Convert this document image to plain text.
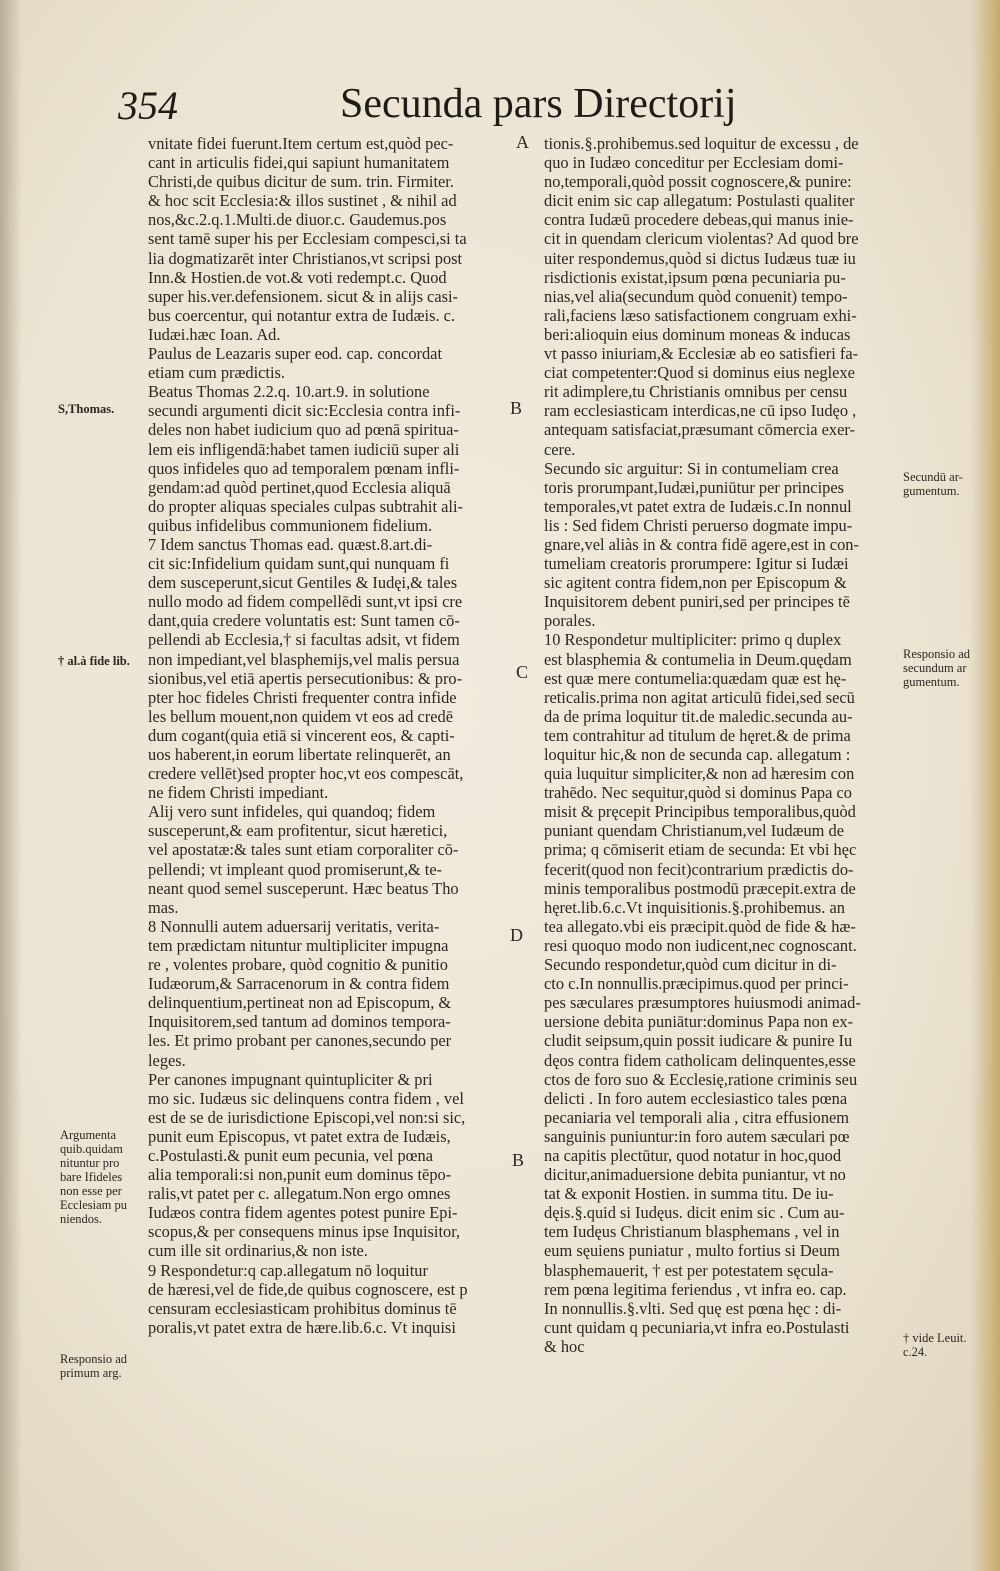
354	Secunda pars Directorij
vnitate fidei fuerunt.Item certum est,quòd pec-
cant in articulis fidei,qui sapiunt humanitatem
Christi,de quibus dicitur de sum. trin. Firmiter.
& hoc scit Ecclesia:& illos sustinet , & nihil ad
nos,&c.2.q.1.Multi.de diuor.c. Gaudemus.pos
sent tamē super his per Ecclesiam compesci,si ta
lia dogmatizarēt inter Christianos,vt scripsi post
Inn.& Hostien.de vot.& voti redempt.c. Quod
super his.ver.defensionem. sicut & in alijs casi-
bus coercentur, qui notantur extra de Iudæis. c.
Iudæi.hæc Ioan. Ad.
Paulus de Leazaris super eod. cap. concordat
etiam cum prædictis.
Beatus Thomas 2.2.q. 10.art.9. in solutione
secundi argumenti dicit sic:Ecclesia contra infi-
deles non habet iudicium quo ad pœnā spiritua-
lem eis infligendā:habet tamen iudiciū super ali
quos infideles quo ad temporalem pœnam infli-
gendam:ad quòd pertinet,quod Ecclesia aliquā
do propter aliquas speciales culpas subtrahit ali-
quibus infidelibus communionem fidelium.
7 Idem sanctus Thomas ead. quæst.8.art.di-
cit sic:Infidelium quidam sunt,qui nunquam fi
dem susceperunt,sicut Gentiles & Iudęi,& tales
nullo modo ad fidem compellēdi sunt,vt ipsi cre
dant,quia credere voluntatis est: Sunt tamen cō-
pellendi ab Ecclesia,† si facultas adsit, vt fidem
non impediant,vel blasphemijs,vel malis persua
sionibus,vel etiā apertis persecutionibus: & pro-
pter hoc fideles Christi frequenter contra infide
les bellum mouent,non quidem vt eos ad credē
dum cogant(quia etiā si vincerent eos, & capti-
uos haberent,in eorum libertate relinquerēt, an
credere vellēt)sed propter hoc,vt eos compescāt,
ne fidem Christi impediant.
Alij vero sunt infideles, qui quandoq; fidem
susceperunt,& eam profitentur, sicut hæretici,
vel apostatæ:& tales sunt etiam corporaliter cō-
pellendi; vt impleant quod promiserunt,& te-
neant quod semel susceperunt. Hæc beatus Tho
mas.
8 Nonnulli autem aduersarij veritatis, verita-
tem prædictam nituntur multipliciter impugna
re , volentes probare, quòd cognitio & punitio
Iudæorum,& Sarracenorum in & contra fidem
delinquentium,pertineat non ad Episcopum, &
Inquisitorem,sed tantum ad dominos tempora-
les. Et primo probant per canones,secundo per
leges.
Per canones impugnant quintupliciter & pri
mo sic. Iudæus sic delinquens contra fidem , vel
est de se de iurisdictione Episcopi,vel non:si sic,
punit eum Episcopus, vt patet extra de Iudæis,
c.Postulasti.& punit eum pecunia, vel pœna
alia temporali:si non,punit eum dominus tēpo-
ralis,vt patet per c. allegatum.Non ergo omnes
Iudæos contra fidem agentes potest punire Epi-
scopus,& per consequens minus ipse Inquisitor,
cum ille sit ordinarius,& non iste.
9 Respondetur:q cap.allegatum nō loquitur
de hæresi,vel de fide,de quibus cognoscere, est p
censuram ecclesiasticam prohibitus dominus tē
poralis,vt patet extra de hære.lib.6.c. Vt inquisi
tionis.§.prohibemus.sed loquitur de excessu , de
quo in Iudæo conceditur per Ecclesiam domi-
no,temporali,quòd possit cognoscere,& punire:
dicit enim sic cap allegatum: Postulasti qualiter
contra Iudæū procedere debeas,qui manus inie-
cit in quendam clericum violentas? Ad quod bre
uiter respondemus,quòd si dictus Iudæus tuæ iu
risdictionis existat,ipsum pœna pecuniaria pu-
nias,vel alia(secundum quòd conuenit) tempo-
rali,faciens læso satisfactionem congruam exhi-
beri:alioquin eius dominum moneas & inducas
vt passo iniuriam,& Ecclesiæ ab eo satisfieri fa-
ciat competenter:Quod si dominus eius neglexe
rit adimplere,tu Christianis omnibus per censu
ram ecclesiasticam interdicas,ne cū ipso Iudęo ,
antequam satisfaciat,præsumant cōmercia exer-
cere.
Secundo sic arguitur: Si in contumeliam crea
toris prorumpant,Iudæi,puniūtur per principes
temporales,vt patet extra de Iudæis.c.In nonnul
lis : Sed fidem Christi peruerso dogmate impu-
gnare,vel aliàs in & contra fidē agere,est in con-
tumeliam creatoris prorumpere: Igitur si Iudæi
sic agitent contra fidem,non per Episcopum &
Inquisitorem debent puniri,sed per principes tē
porales.
10 Respondetur multipliciter: primo q duplex
est blasphemia & contumelia in Deum.quędam
est quæ mere contumelia:quædam quæ est hę-
reticalis.prima non agitat articulū fidei,sed secū
da de prima loquitur tit.de maledic.secunda au-
tem contrahitur ad titulum de hęret.& de prima
loquitur hic,& non de secunda cap. allegatum :
quia luquitur simpliciter,& non ad hæresim con
trahēdo. Nec sequitur,quòd si dominus Papa co
misit & pręcepit Principibus temporalibus,quòd
puniant quendam Christianum,vel Iudæum de
prima; q cōmiserit etiam de secunda: Et vbi hęc
fecerit(quod non fecit)contrarium prædictis do-
minis temporalibus postmodū præcepit.extra de
hęret.lib.6.c.Vt inquisitionis.§.prohibemus. an
tea allegato.vbi eis præcipit.quòd de fide & hæ-
resi quoquo modo non iudicent,nec cognoscant.
Secundo respondetur,quòd cum dicitur in di-
cto c.In nonnullis.præcipimus.quod per princi-
pes sæculares præsumptores huiusmodi animad-
uersione debita puniātur:dominus Papa non ex-
cludit seipsum,quin possit iudicare & punire Iu
dęos contra fidem catholicam delinquentes,esse
ctos de foro suo & Ecclesię,ratione criminis seu
delicti . In foro autem ecclesiastico tales pœna
pecaniaria vel temporali alia , citra effusionem
sanguinis puniuntur:in foro autem sæculari pœ
na capitis plectūtur, quod notatur in hoc,quod
dicitur,animaduersione debita puniantur, vt no
tat & exponit Hostien. in summa titu. De iu-
dęis.§.quid si Iudęus. dicit enim sic . Cum au-
tem Iudęus Christianum blasphemans , vel in
eum sęuiens puniatur , multo fortius si Deum
blasphemauerit, † est per potestatem sęcula-
rem pœna legitima feriendus , vt infra eo. cap.
In nonnullis.§.vlti. Sed quę est pœna hęc : di-
cunt quidam q pecuniaria,vt infra eo.Postulasti
& hoc
A
B
C
D
B
S,Thomas.
† al.à fide lib.
Argumenta
quib.quidam
nituntur pro
bare Ifideles
non esse per
Ecclesiam pu
niendos.
Responsio ad
primum arg.
Secundū ar-
gumentum.
Responsio ad
secundum ar
gumentum.
† vide Leuit.
c.24.
